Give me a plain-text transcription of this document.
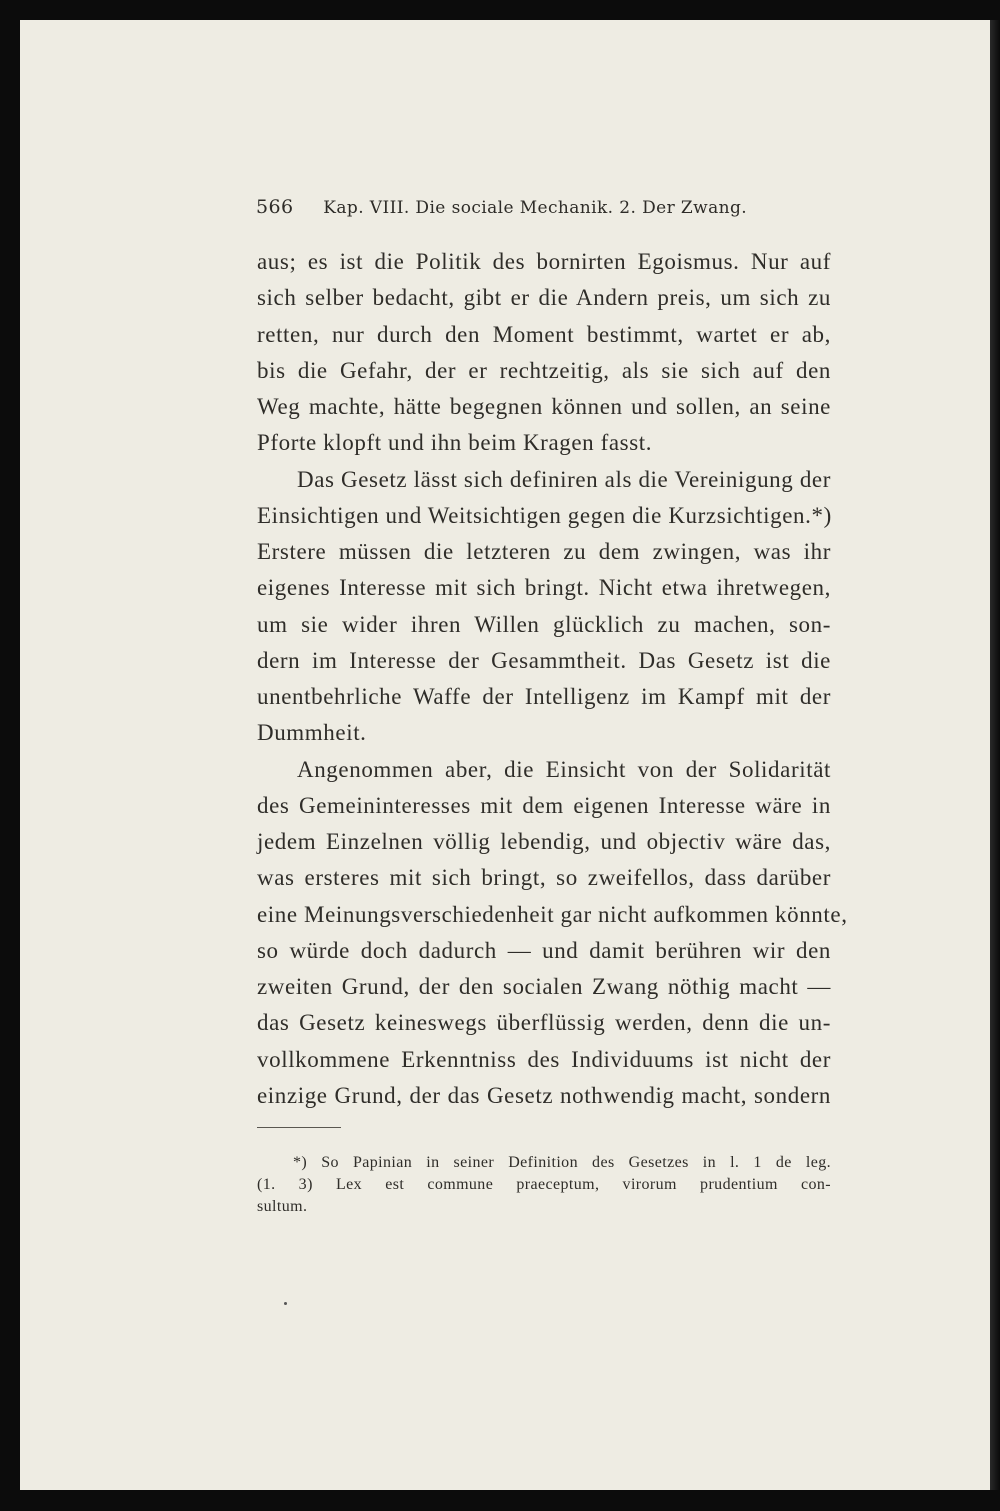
566 Kap. VIII. Die sociale Mechanik. 2. Der Zwang.
aus; es ist die Politik des bornirten Egoismus. Nur auf
sich selber bedacht, gibt er die Andern preis, um sich zu
retten, nur durch den Moment bestimmt, wartet er ab,
bis die Gefahr, der er rechtzeitig, als sie sich auf den
Weg machte, hätte begegnen können und sollen, an seine
Pforte klopft und ihn beim Kragen fasst.
Das Gesetz lässt sich definiren als die Vereinigung der
Einsichtigen und Weitsichtigen gegen die Kurzsichtigen.*)
Erstere müssen die letzteren zu dem zwingen, was ihr
eigenes Interesse mit sich bringt. Nicht etwa ihretwegen,
um sie wider ihren Willen glücklich zu machen, son-
dern im Interesse der Gesammtheit. Das Gesetz ist die
unentbehrliche Waffe der Intelligenz im Kampf mit der
Dummheit.
Angenommen aber, die Einsicht von der Solidarität
des Gemeininteresses mit dem eigenen Interesse wäre in
jedem Einzelnen völlig lebendig, und objectiv wäre das,
was ersteres mit sich bringt, so zweifellos, dass darüber
eine Meinungsverschiedenheit gar nicht aufkommen könnte,
so würde doch dadurch — und damit berühren wir den
zweiten Grund, der den socialen Zwang nöthig macht —
das Gesetz keineswegs überflüssig werden, denn die un-
vollkommene Erkenntniss des Individuums ist nicht der
einzige Grund, der das Gesetz nothwendig macht, sondern
*) So Papinian in seiner Definition des Gesetzes in l. 1 de leg.
(1. 3) Lex est commune praeceptum, virorum prudentium con-
sultum.
